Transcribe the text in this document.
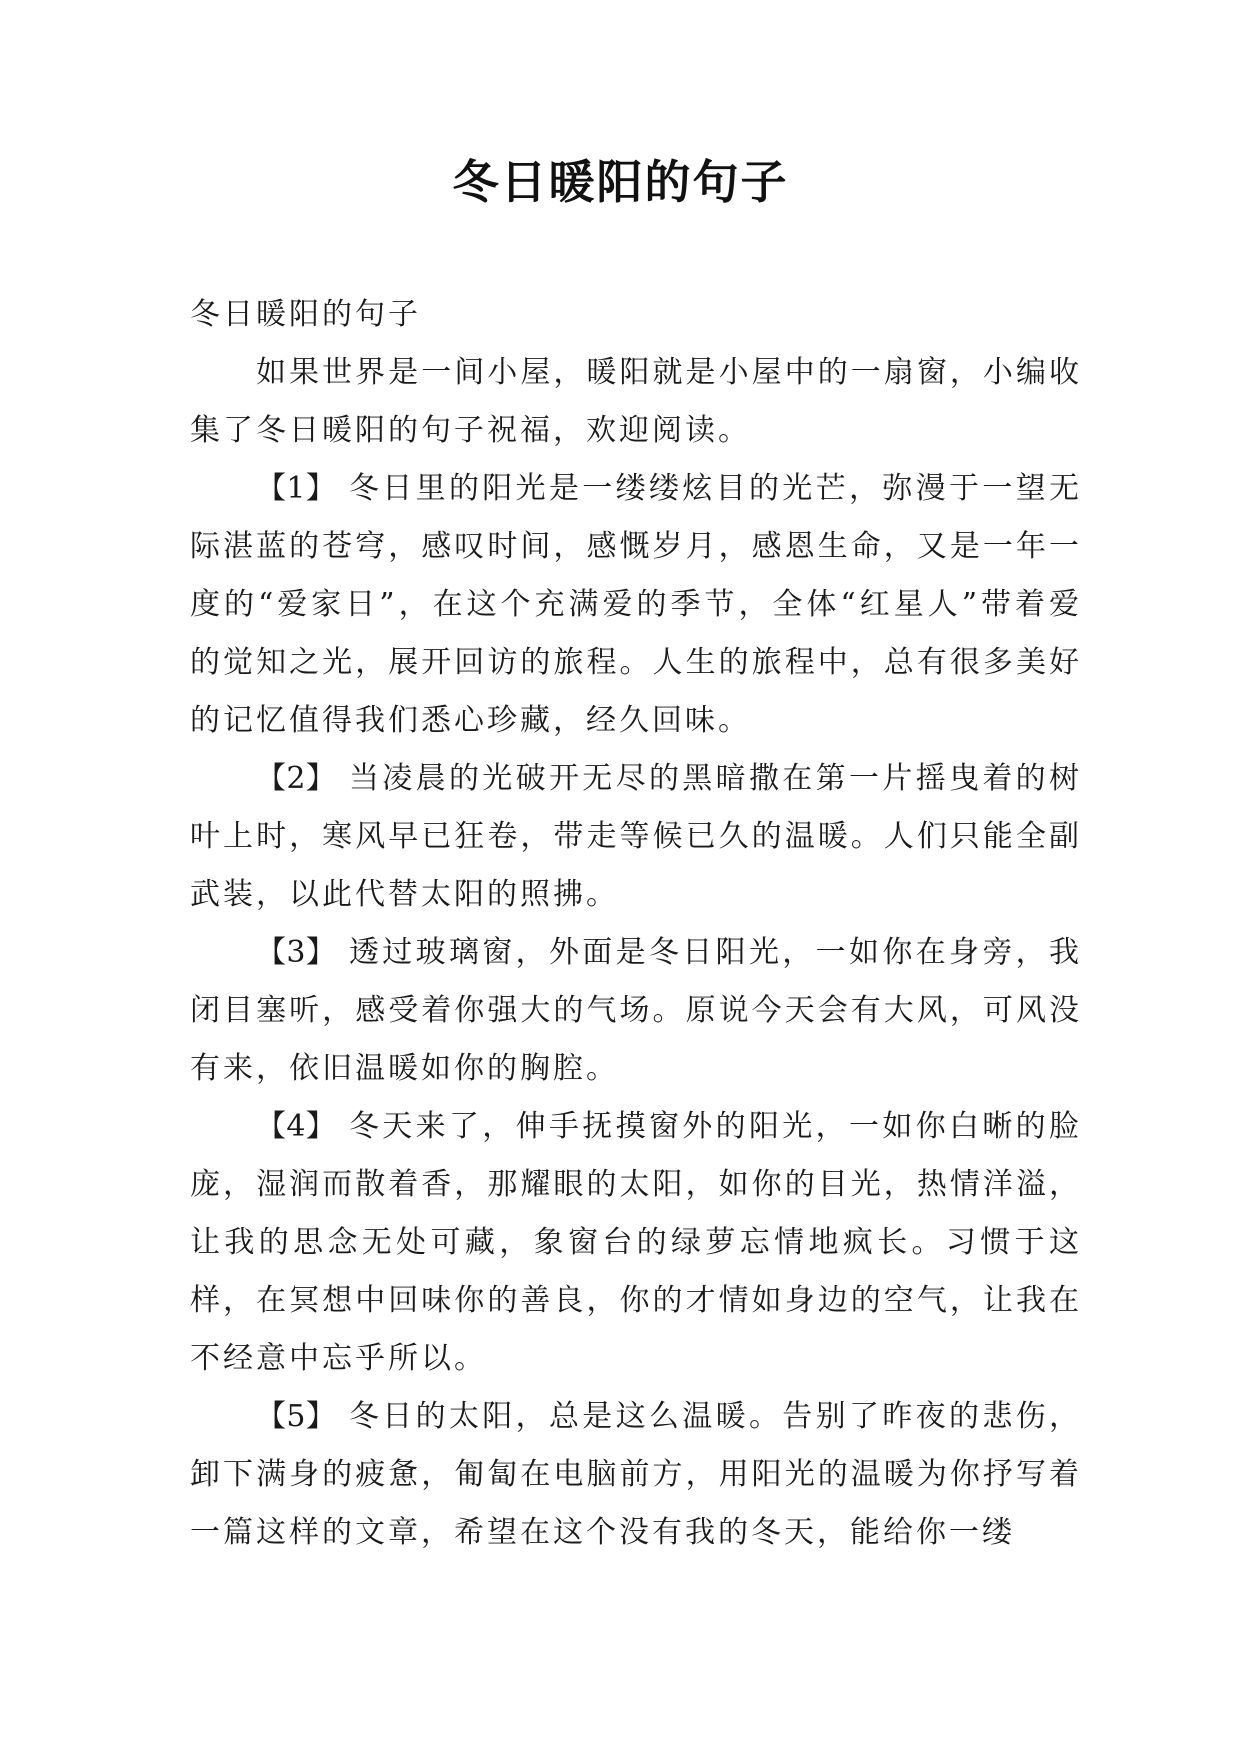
冬日暖阳的句子

冬日暖阳的句子

如果世界是一间小屋，暖阳就是小屋中的一扇窗，小编收集了冬日暖阳的句子祝福，欢迎阅读。

【1】 冬日里的阳光是一缕缕炫目的光芒，弥漫于一望无际湛蓝的苍穹，感叹时间，感慨岁月，感恩生命，又是一年一度的“爱家日”，在这个充满爱的季节，全体“红星人”带着爱的觉知之光，展开回访的旅程。人生的旅程中，总有很多美好的记忆值得我们悉心珍藏，经久回味。

【2】 当凌晨的光破开无尽的黑暗撒在第一片摇曳着的树叶上时，寒风早已狂卷，带走等候已久的温暖。人们只能全副武装，以此代替太阳的照拂。

【3】 透过玻璃窗，外面是冬日阳光，一如你在身旁，我闭目塞听，感受着你强大的气场。原说今天会有大风，可风没有来，依旧温暖如你的胸腔。

【4】 冬天来了，伸手抚摸窗外的阳光，一如你白晰的脸庞，湿润而散着香，那耀眼的太阳，如你的目光，热情洋溢，让我的思念无处可藏，象窗台的绿萝忘情地疯长。习惯于这样，在冥想中回味你的善良，你的才情如身边的空气，让我在不经意中忘乎所以。

【5】 冬日的太阳，总是这么温暖。告别了昨夜的悲伤，卸下满身的疲惫，匍匐在电脑前方，用阳光的温暖为你抒写着一篇这样的文章，希望在这个没有我的冬天，能给你一缕
